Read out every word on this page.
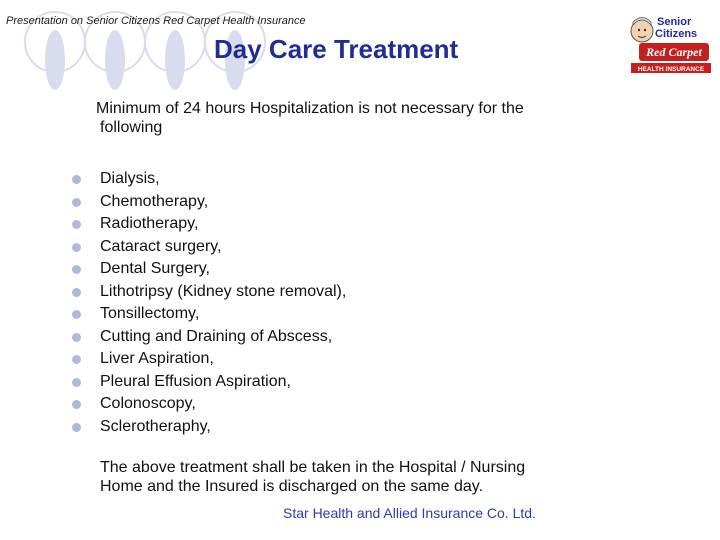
Presentation on Senior Citizens Red Carpet Health Insurance
Day Care Treatment
Senior
Citizens
Red Carpet
HEALTH INSURANCE
Minimum of 24 hours Hospitalization is not necessary for the
following
Dialysis,
Chemotherapy,
Radiotherapy,
Cataract surgery,
Dental Surgery,
Lithotripsy (Kidney stone removal),
Tonsillectomy,
Cutting and Draining of Abscess,
Liver Aspiration,
Pleural Effusion Aspiration,
Colonoscopy,
Sclerotheraphy,
The above treatment shall be taken in the Hospital / Nursing
Home and the Insured is discharged on the same day.
Star Health and Allied Insurance Co. Ltd.
